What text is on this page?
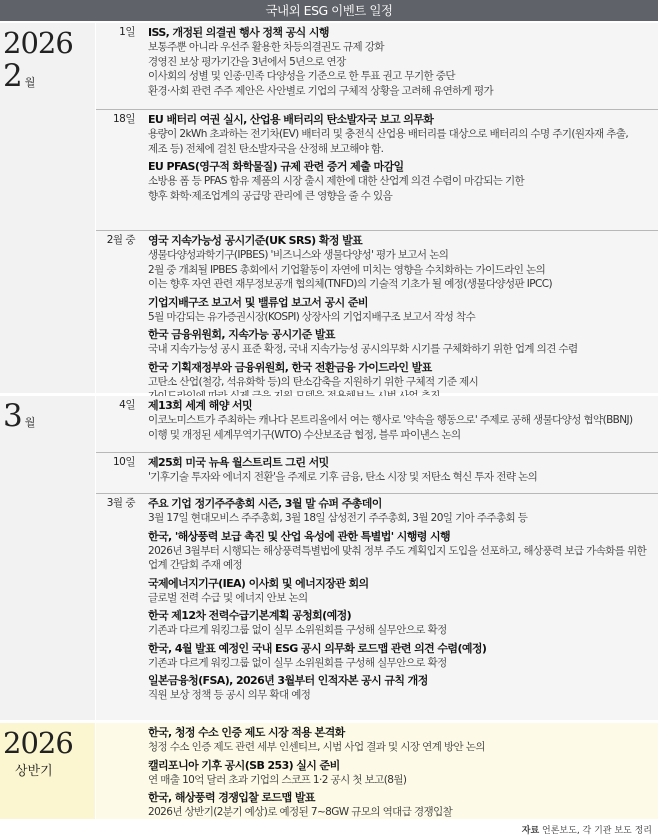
국내외 ESG 이벤트 일정
2026
2 월
1일 ISS, 개정된 의결권 행사 정책 공식 시행
보통주뿐 아니라 우선주 활용한 차등의결권도 규제 강화
경영진 보상 평가기간을 3년에서 5년으로 연장
이사회의 성별 및 인종·민족 다양성을 기준으로 한 투표 권고 무기한 중단
환경·사회 관련 주주 제안은 사안별로 기업의 구체적 상황을 고려해 유연하게 평가
18일 EU 배터리 여권 실시, 산업용 배터리의 탄소발자국 보고 의무화
용량이 2kWh 초과하는 전기차(EV) 배터리 및 충전식 산업용 배터리를 대상으로 배터리의 수명 주기(원자재 추출,
제조 등) 전체에 걸친 탄소발자국을 산정해 보고해야 함.
EU PFAS(영구적 화학물질) 규제 관련 증거 제출 마감일
소방용 폼 등 PFAS 함유 제품의 시장 출시 제한에 대한 산업계 의견 수렴이 마감되는 기한
향후 화학·제조업계의 공급망 관리에 큰 영향을 줄 수 있음
2월 중 영국 지속가능성 공시기준(UK SRS) 확정 발표
생물다양성과학기구(IPBES) '비즈니스와 생물다양성' 평가 보고서 논의
2월 중 개최될 IPBES 총회에서 기업활동이 자연에 미치는 영향을 수치화하는 가이드라인 논의
이는 향후 자연 관련 재무정보공개 협의체(TNFD)의 기술적 기초가 될 예정(생물다양성판 IPCC)
기업지배구조 보고서 및 밸류업 보고서 공시 준비
5월 마감되는 유가증권시장(KOSPI) 상장사의 기업지배구조 보고서 작성 착수
한국 금융위원회, 지속가능 공시기준 발표
국내 지속가능성 공시 표준 확정, 국내 지속가능성 공시의무화 시기를 구체화하기 위한 업계 의견 수렴
한국 기획재정부와 금융위원회, 한국 전환금융 가이드라인 발표
고탄소 산업(철강, 석유화학 등)의 탄소감축을 지원하기 위한 구체적 기준 제시
3 월
4일 제13회 세계 해양 서밋
이코노미스트가 주최하는 캐나다 몬트리올에서 여는 행사로 '약속을 행동으로' 주제로 공해 생물다양성 협약(BBNJ)
이행 및 개정된 세계무역기구(WTO) 수산보조금 협정, 블루 파이낸스 논의
10일 제25회 미국 뉴욕 월스트리트 그린 서밋
'기후기술 투자와 에너지 전환'을 주제로 기후 금융, 탄소 시장 및 저탄소 혁신 투자 전략 논의
3월 중 주요 기업 정기주주총회 시즌, 3월 말 슈퍼 주총데이
3월 17일 현대모비스 주주총회, 3월 18일 삼성전기 주주총회, 3월 20일 기아 주주총회 등
한국, '해상풍력 보급 촉진 및 산업 육성에 관한 특별법' 시행령 시행
2026년 3월부터 시행되는 해상풍력특별법에 맞춰 정부 주도 계획입지 도입을 선포하고, 해상풍력 보급 가속화를 위한
업계 간담회 주재 예정
국제에너지기구(IEA) 이사회 및 에너지장관 회의
글로벌 전력 수급 및 에너지 안보 논의
한국 제12차 전력수급기본계획 공청회(예정)
기존과 다르게 워킹그룹 없이 실무 소위원회를 구성해 실무안으로 확정
한국, 4월 발표 예정인 국내 ESG 공시 의무화 로드맵 관련 의견 수렴(예정)
기존과 다르게 워킹그룹 없이 실무 소위원회를 구성해 실무안으로 확정
일본금융청(FSA), 2026년 3월부터 인적자본 공시 규칙 개정
직원 보상 정책 등 공시 의무 확대 예정
2026
상반기
한국, 청정 수소 인증 제도 시장 적용 본격화
청정 수소 인증 제도 관련 세부 인센티브, 시범 사업 결과 및 시장 연계 방안 논의
캘리포니아 기후 공시(SB 253) 실시 준비
연 매출 10억 달러 초과 기업의 스코프 1·2 공시 첫 보고(8월)
한국, 해상풍력 경쟁입찰 로드맵 발표
2026년 상반기(2분기 예상)로 예정된 7~8GW 규모의 역대급 경쟁입찰
자료 언론보도, 각 기관 보도 정리
